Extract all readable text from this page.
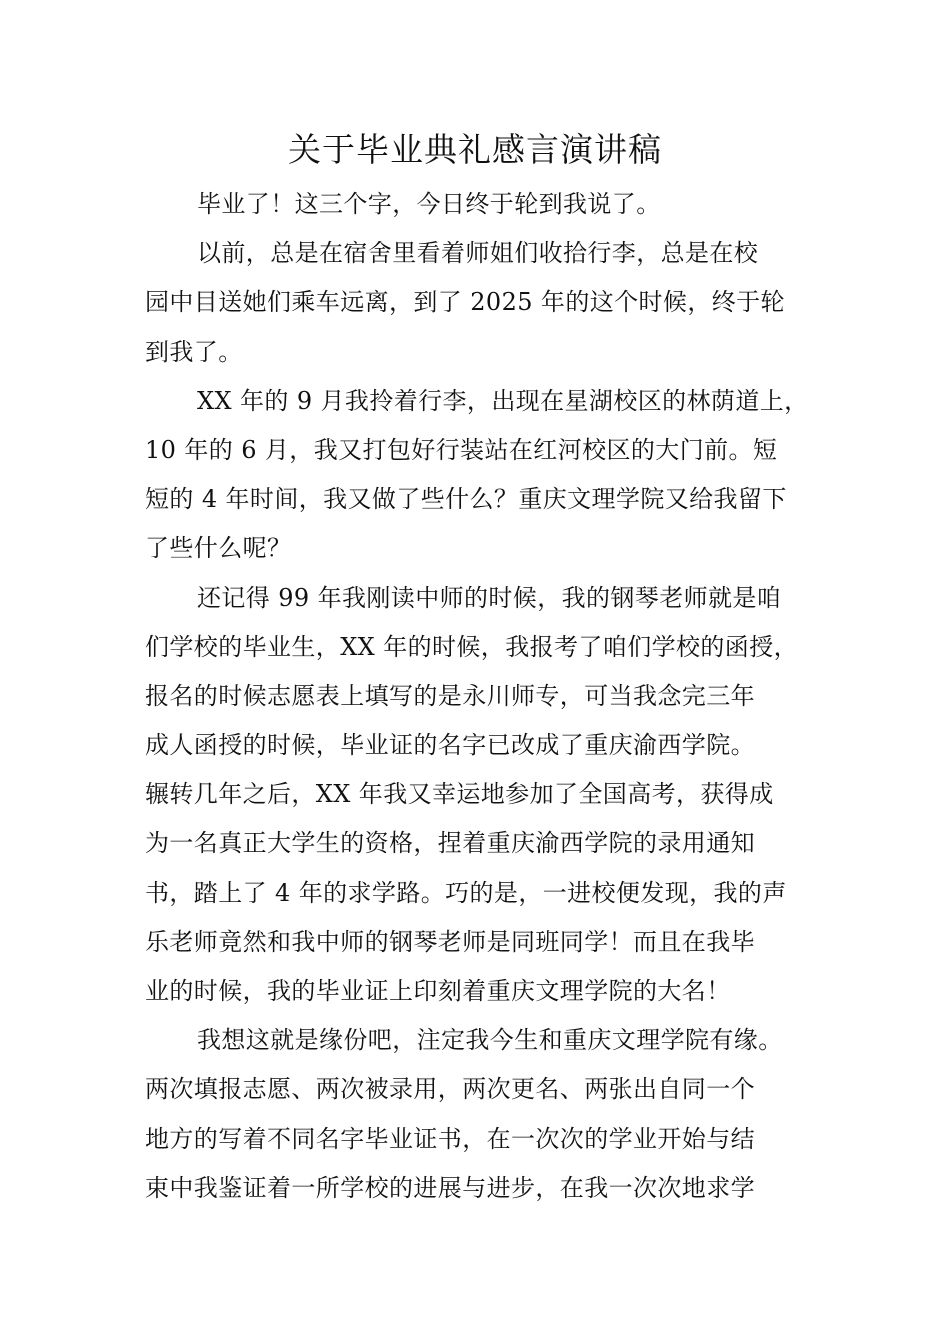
关于毕业典礼感言演讲稿
毕业了！这三个字，今日终于轮到我说了。
以前，总是在宿舍里看着师姐们收拾行李，总是在校
园中目送她们乘车远离，到了 2025 年的这个时候，终于轮
到我了。
XX 年的 9 月我拎着行李，出现在星湖校区的林荫道上，
10 年的 6 月，我又打包好行装站在红河校区的大门前。短
短的 4 年时间，我又做了些什么？重庆文理学院又给我留下
了些什么呢？
还记得 99 年我刚读中师的时候，我的钢琴老师就是咱
们学校的毕业生，XX 年的时候，我报考了咱们学校的函授，
报名的时候志愿表上填写的是永川师专，可当我念完三年
成人函授的时候，毕业证的名字已改成了重庆渝西学院。
辗转几年之后，XX 年我又幸运地参加了全国高考，获得成
为一名真正大学生的资格，捏着重庆渝西学院的录用通知
书，踏上了 4 年的求学路。巧的是，一进校便发现，我的声
乐老师竟然和我中师的钢琴老师是同班同学！而且在我毕
业的时候，我的毕业证上印刻着重庆文理学院的大名！
我想这就是缘份吧，注定我今生和重庆文理学院有缘。
两次填报志愿、两次被录用，两次更名、两张出自同一个
地方的写着不同名字毕业证书，在一次次的学业开始与结
束中我鉴证着一所学校的进展与进步，在我一次次地求学
